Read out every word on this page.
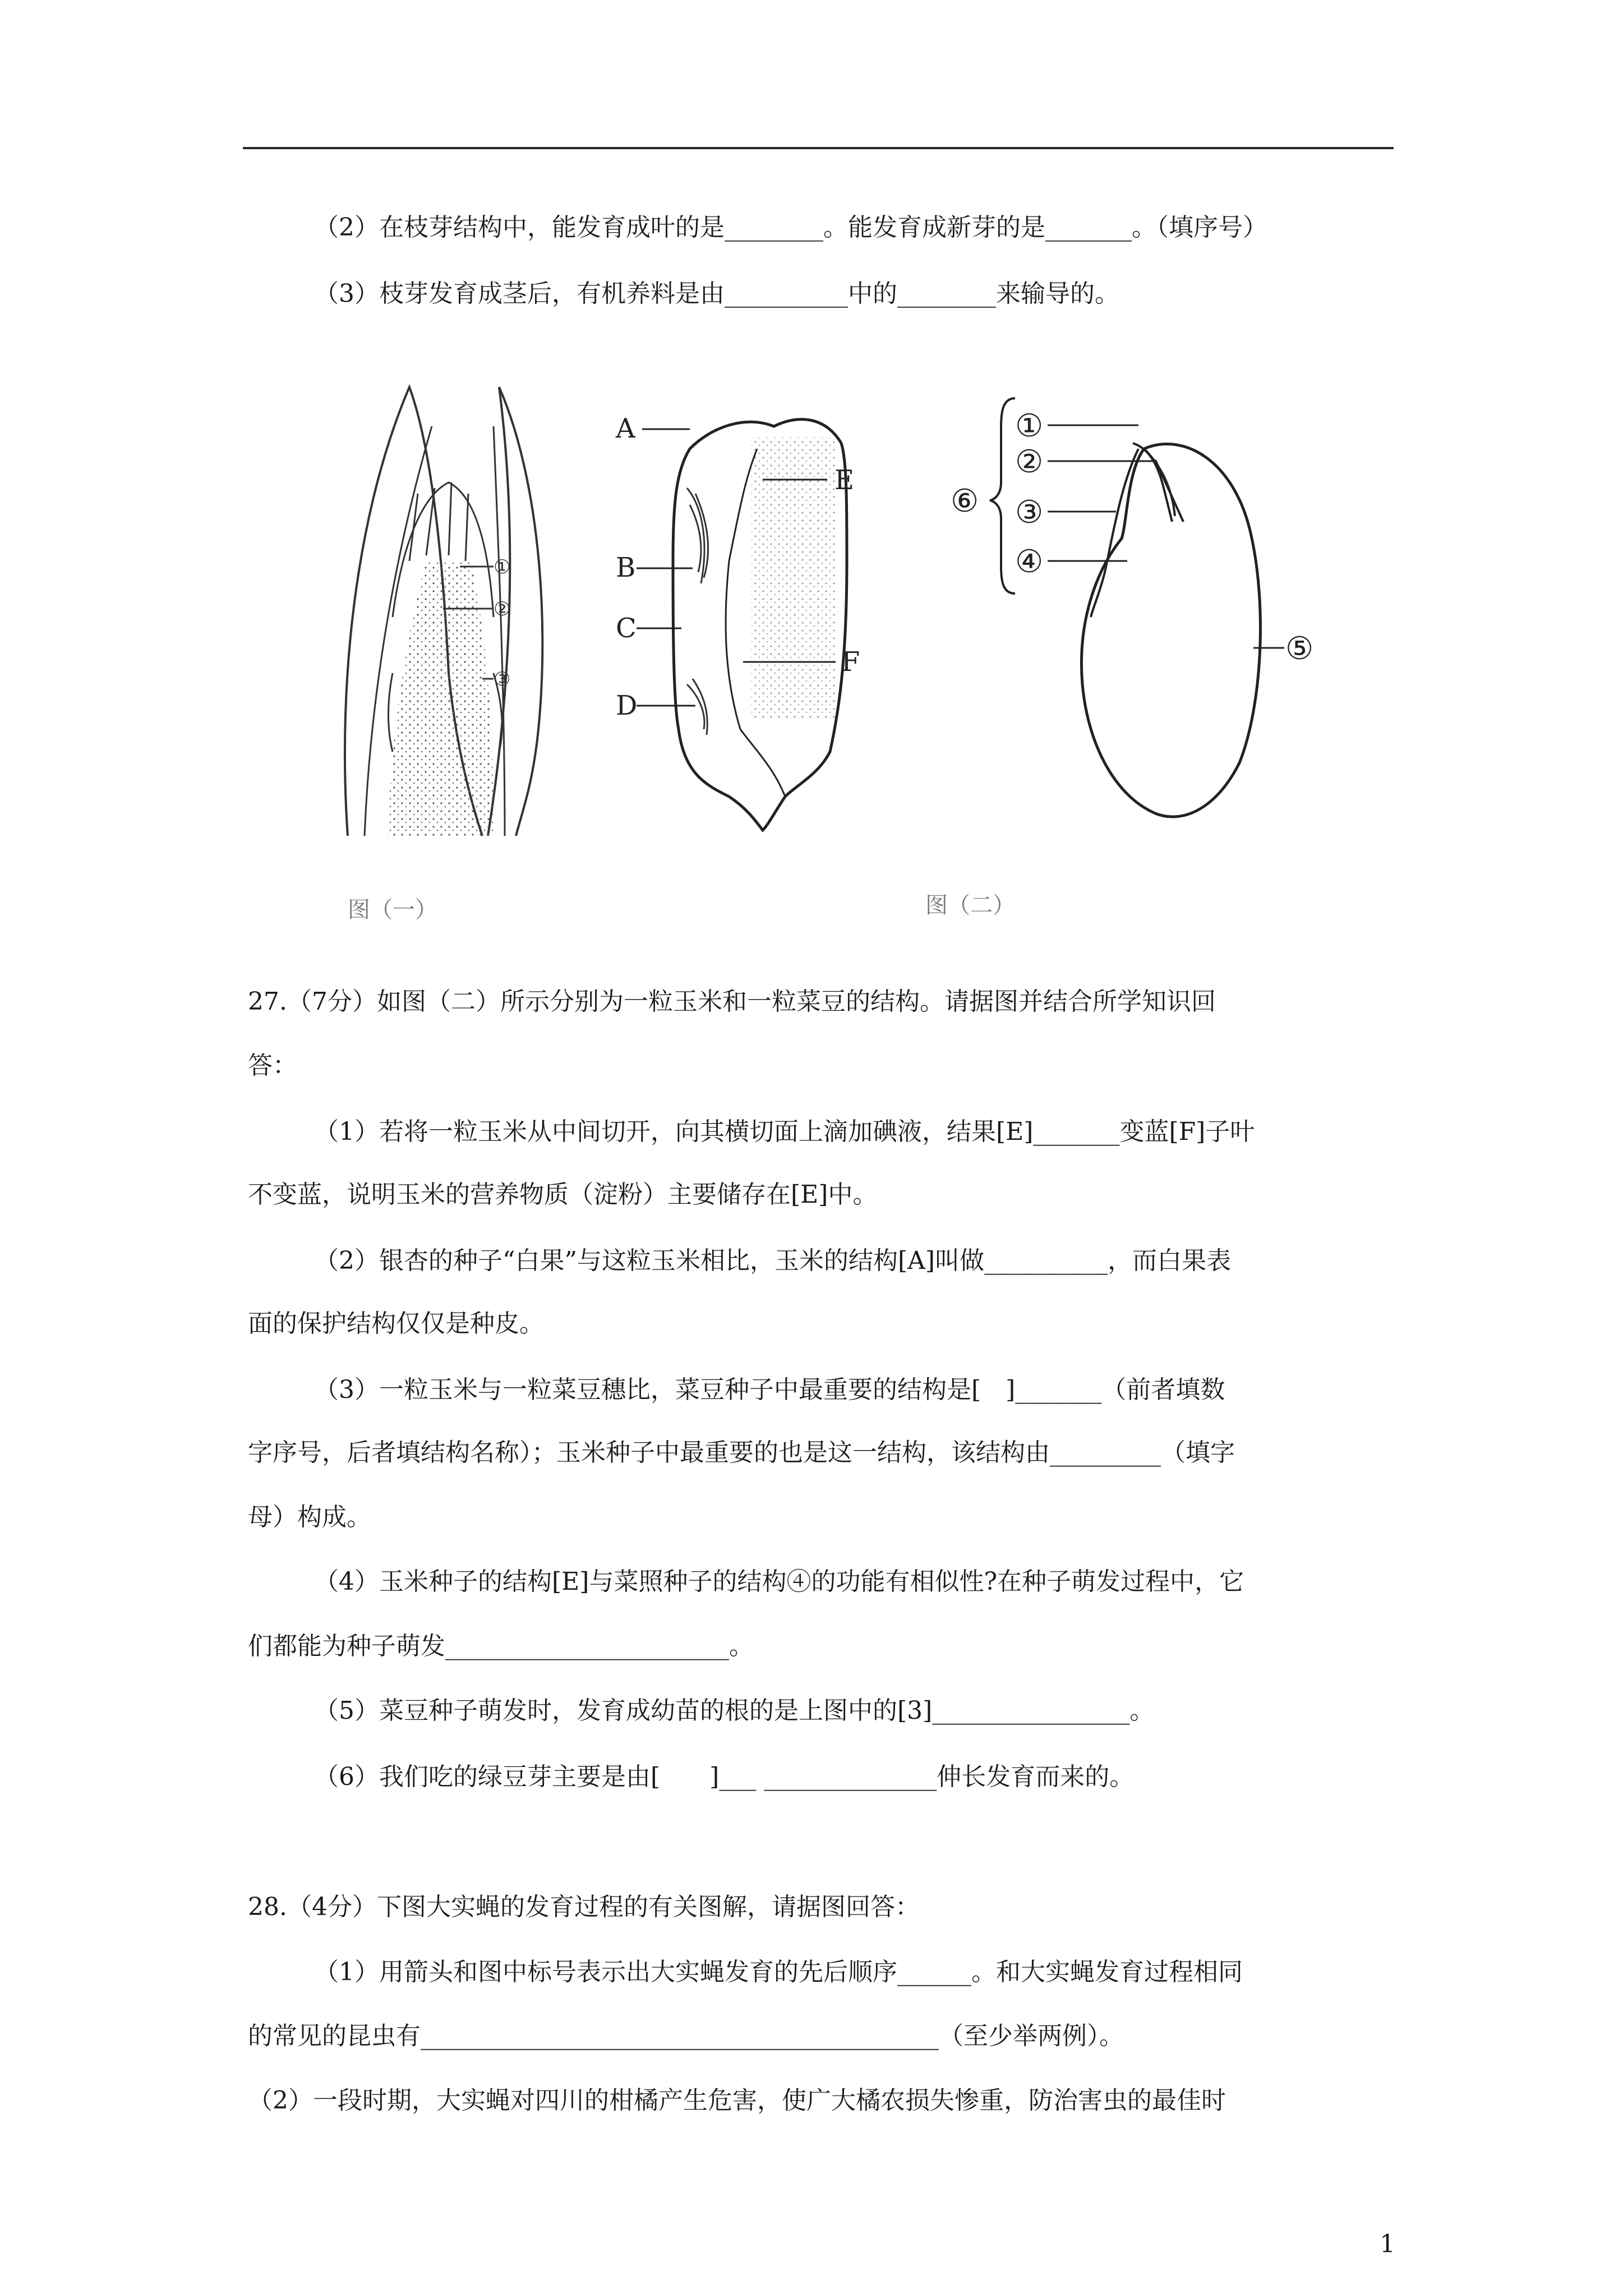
（2）在枝芽结构中，能发育成叶的是________。能发育成新芽的是_______。（填序号）
（3）枝芽发育成茎后，有机养料是由__________中的________来输导的。
①
②
③
A
B
C
D
E
F
①
②
③
④
⑤
⑥
图（一）	图（二）
27.（7分）如图（二）所示分别为一粒玉米和一粒菜豆的结构。请据图并结合所学知识回
答：
（1）若将一粒玉米从中间切开，向其横切面上滴加碘液，结果[E]_______变蓝[F]子叶
不变蓝，说明玉米的营养物质（淀粉）主要储存在[E]中。
（2）银杏的种子“白果”与这粒玉米相比，玉米的结构[A]叫做__________，而白果表
面的保护结构仅仅是种皮。
（3）一粒玉米与一粒菜豆穗比，菜豆种子中最重要的结构是[　]_______（前者填数
字序号，后者填结构名称）；玉米种子中最重要的也是这一结构，该结构由_________（填字
母）构成。
（4）玉米种子的结构[E]与菜照种子的结构④的功能有相似性?在种子萌发过程中，它
们都能为种子萌发_______________________。
（5）菜豆种子萌发时，发育成幼苗的根的是上图中的[3]________________。
（6）我们吃的绿豆芽主要是由[　　]___ ______________伸长发育而来的。
28.（4分）下图大实蝇的发育过程的有关图解，请据图回答：
（1）用箭头和图中标号表示出大实蝇发育的先后顺序______。和大实蝇发育过程相同
的常见的昆虫有__________________________________________（至少举两例）。
（2）一段时期，大实蝇对四川的柑橘产生危害，使广大橘农损失惨重，防治害虫的最佳时
1
